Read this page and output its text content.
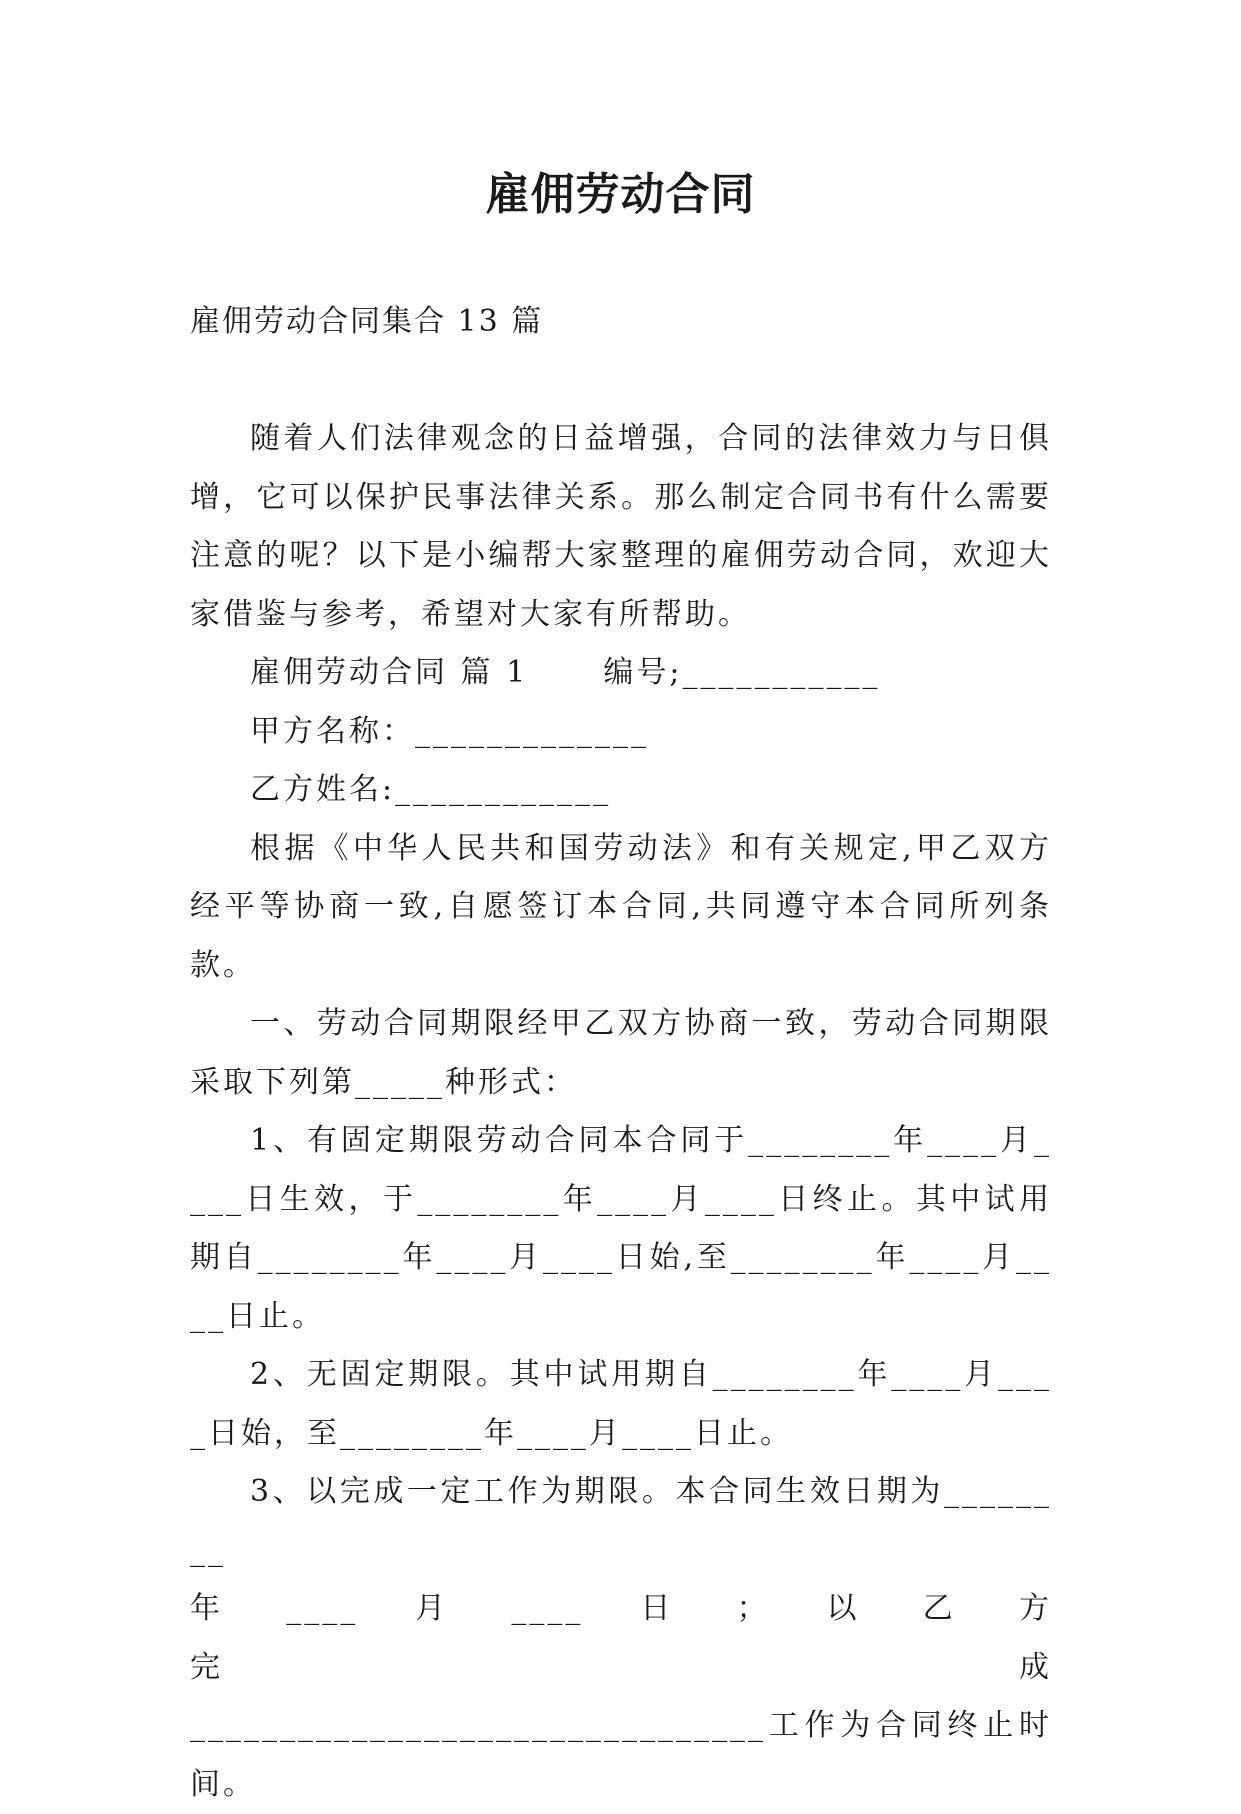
雇佣劳动合同
雇佣劳动合同集合 13 篇

随着人们法律观念的日益增强，合同的法律效力与日俱增，它可以保护民事法律关系。那么制定合同书有什么需要注意的呢？以下是小编帮大家整理的雇佣劳动合同，欢迎大家借鉴与参考，希望对大家有所帮助。

雇佣劳动合同 篇 1      编号;___________

甲方名称：_____________

乙方姓名:____________

根据《中华人民共和国劳动法》和有关规定,甲乙双方经平等协商一致,自愿签订本合同,共同遵守本合同所列条款。

一、劳动合同期限经甲乙双方协商一致，劳动合同期限采取下列第_____种形式：

1、有固定期限劳动合同本合同于________年____月____日生效，于________年____月____日终止。其中试用期自________年____月____日始,至________年____月____日止。

2、无固定期限。其中试用期自________年____月____日始，至________年____月____日止。

3、以完成一定工作为期限。本合同生效日期为________

年 ____ 月 ____ 日 ； 以 乙 方 完 成

________________________________工作为合同终止时间。
